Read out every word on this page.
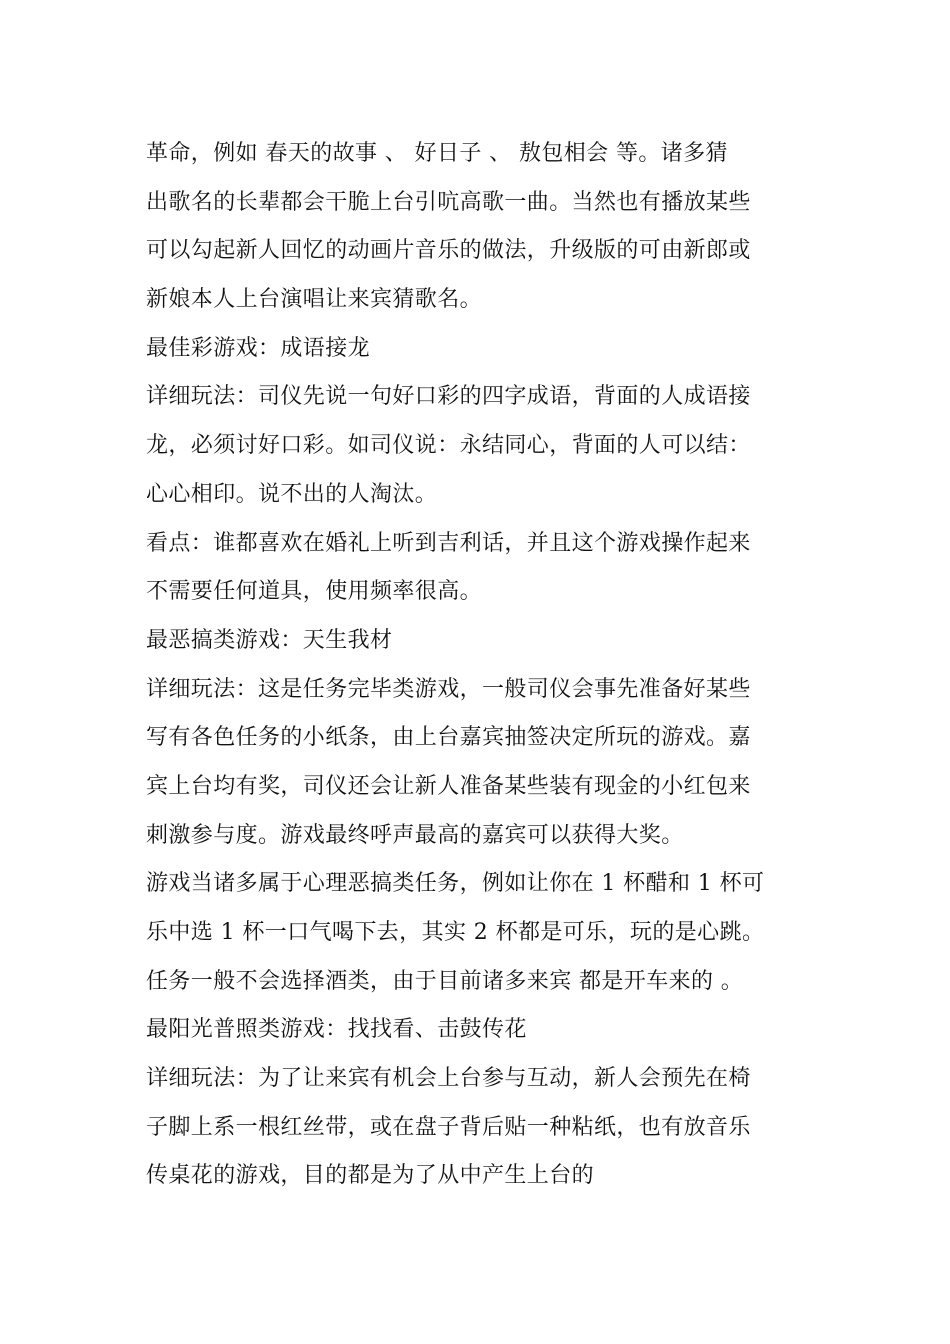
革命，例如 春天的故事 、 好日子 、 敖包相会 等。诸多猜
出歌名的长辈都会干脆上台引吭高歌一曲。当然也有播放某些
可以勾起新人回忆的动画片音乐的做法，升级版的可由新郎或
新娘本人上台演唱让来宾猜歌名。
最佳彩游戏：成语接龙
详细玩法：司仪先说一句好口彩的四字成语，背面的人成语接
龙，必须讨好口彩。如司仪说：永结同心，背面的人可以结：
心心相印。说不出的人淘汰。
看点：谁都喜欢在婚礼上听到吉利话，并且这个游戏操作起来
不需要任何道具，使用频率很高。
最恶搞类游戏：天生我材
详细玩法：这是任务完毕类游戏，一般司仪会事先准备好某些
写有各色任务的小纸条，由上台嘉宾抽签决定所玩的游戏。嘉
宾上台均有奖，司仪还会让新人准备某些装有现金的小红包来
刺激参与度。游戏最终呼声最高的嘉宾可以获得大奖。
游戏当诸多属于心理恶搞类任务，例如让你在 1 杯醋和 1 杯可
乐中选 1 杯一口气喝下去，其实 2 杯都是可乐，玩的是心跳。
任务一般不会选择酒类，由于目前诸多来宾 都是开车来的 。
最阳光普照类游戏：找找看、击鼓传花
详细玩法：为了让来宾有机会上台参与互动，新人会预先在椅
子脚上系一根红丝带，或在盘子背后贴一种粘纸，也有放音乐
传桌花的游戏，目的都是为了从中产生上台的
